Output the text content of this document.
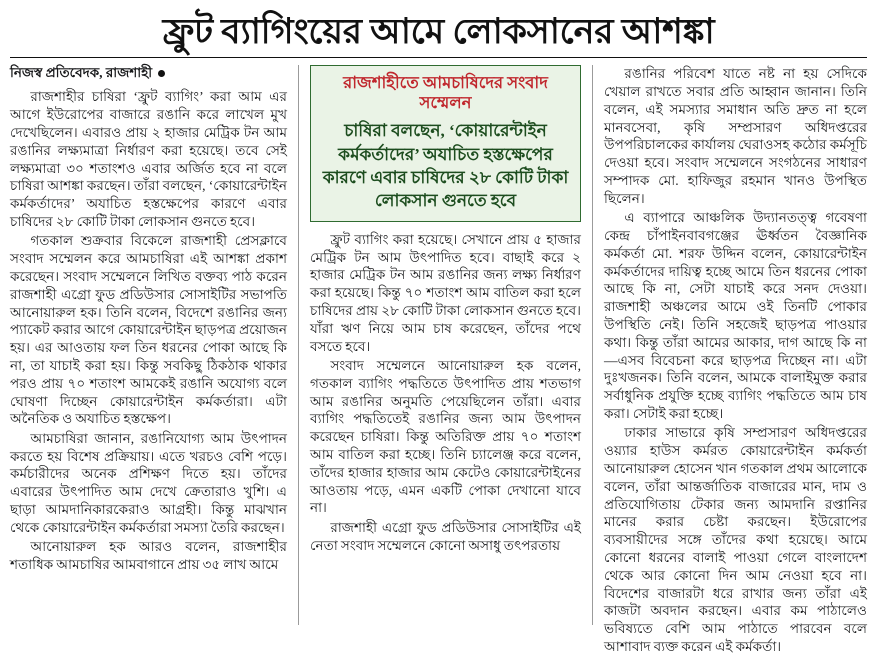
ফ্রুট ব্যাগিংয়ের আমে লোকসানের আশঙ্কা
নিজস্ব প্রতিবেদক, রাজশাহী

রাজশাহীর চাষিরা ‘ফ্রুট ব্যাগিং’ করা আম এর আগে ইউরোপের বাজারে রঙানি করে লাখেল মুখ দেখেছিলেন। এবারও প্রায় ২ হাজার মেট্রিক টন আম রঙানির লক্ষ্যমাত্রা নির্ধারণ করা হয়েছে। তবে সেই লক্ষ্যমাত্রা ৩০ শতাংশও এবার অর্জিত হবে না বলে চাষিরা আশঙ্কা করছেন। তাঁরা বলছেন, ‘কোয়ারেন্টাইন কর্মকর্তাদের’ অযাচিত হস্তক্ষেপের কারণে এবার চাষিদের ২৮ কোটি টাকা লোকসান গুনতে হবে।

গতকাল শুক্রবার বিকেলে রাজশাহী প্রেসক্লাবে সংবাদ সম্মেলন করে আমচাষিরা এই আশঙ্কা প্রকাশ করেছেন। সংবাদ সম্মেলনে লিখিত বক্তব্য পাঠ করেন রাজশাহী এগ্রো ফুড প্রডিউসার সোসাইটির সভাপতি আনোয়ারুল হক। তিনি বলেন, বিদেশে রঙানির জন্য প্যাকেট করার আগে কোয়ারেন্টাইন ছাড়পত্র প্রয়োজন হয়। এর আওতায় ফল তিন ধরনের পোকা আছে কি না, তা যাচাই করা হয়। কিন্তু সবকিছু ঠিকঠাক থাকার পরও প্রায় ৭০ শতাংশ আমকেই রঙানি অযোগ্য বলে ঘোষণা দিচ্ছেন কোয়ারেন্টাইন কর্মকর্তারা। এটা অনৈতিক ও অযাচিত হস্তক্ষেপ।

আমচাষিরা জানান, রঙানিযোগ্য আম উৎপাদন করতে হয় বিশেষ প্রক্রিয়ায়। এতে খরচও বেশি পড়ে। কর্মচারীদের অনেক প্রশিক্ষণ দিতে হয়। তাঁদের এবারের উৎপাদিত আম দেখে ক্রেতারাও খুশি। এ ছাড়া আমদানিকারকেরাও আগ্রহী। কিন্তু মাঝখান থেকে কোয়ারেন্টাইন কর্মকর্তারা সমস্যা তৈরি করছেন।

আনোয়ারুল হক আরও বলেন, রাজশাহীর শতাধিক আমচাষির আমবাগানে প্রায় ৩৫ লাখ আমে

রাজশাহীতে আমচাষিদের সংবাদ সম্মেলন
চাষিরা বলছেন, ‘কোয়ারেন্টাইন কর্মকর্তাদের’ অযাচিত হস্তক্ষেপের কারণে এবার চাষিদের ২৮ কোটি টাকা লোকসান গুনতে হবে

ফ্রুট ব্যাগিং করা হয়েছে। সেখানে প্রায় ৫ হাজার মেট্রিক টন আম উৎপাদিত হবে। বাছাই করে ২ হাজার মেট্রিক টন আম রঙানির জন্য লক্ষ্য নির্ধারণ করা হয়েছে। কিন্তু ৭০ শতাংশ আম বাতিল করা হলে চাষিদের প্রায় ২৮ কোটি টাকা লোকসান গুনতে হবে। যাঁরা ঋণ নিয়ে আম চাষ করেছেন, তাঁদের পথে বসতে হবে।

সংবাদ সম্মেলনে আনোয়ারুল হক বলেন, গতকাল ব্যাগিং পদ্ধতিতে উৎপাদিত প্রায় শতভাগ আম রঙানির অনুমতি পেয়েছিলেন তাঁরা। এবার ব্যাগিং পদ্ধতিতেই রঙানির জন্য আম উৎপাদন করেছেন চাষিরা। কিন্তু অতিরিক্ত প্রায় ৭০ শতাংশ আম বাতিল করা হচ্ছে। তিনি চ্যালেঞ্জ করে বলেন, তাঁদের হাজার হাজার আম কেটেও কোয়ারেন্টাইনের আওতায় পড়ে, এমন একটি পোকা দেখানো যাবে না।

রাজশাহী এগ্রো ফুড প্রডিউসার সোসাইটির এই নেতা সংবাদ সম্মেলনে কোনো অসাধু তৎপরতায়

রঙানির পরিবেশ যাতে নষ্ট না হয় সেদিকে খেয়াল রাখতে সবার প্রতি আহ্বান জানান। তিনি বলেন, এই সমস্যার সমাধান অতি দ্রুত না হলে মানবসেবা, কৃষি সম্প্রসারণ অধিদপ্তরের উপপরিচালকের কার্যালয় ঘেরাওসহ কঠোর কর্মসূচি দেওয়া হবে। সংবাদ সম্মেলনে সংগঠনের সাধারণ সম্পাদক মো. হাফিজুর রহমান খানও উপস্থিত ছিলেন।

এ ব্যাপারে আঞ্চলিক উদ্যানতত্ত্ব গবেষণা কেন্দ্র চাঁপাইনবাবগঞ্জের ঊর্ধ্বতন বৈজ্ঞানিক কর্মকর্তা মো. শরফ উদ্দিন বলেন, কোয়ারেন্টাইন কর্মকর্তাদের দায়িত্ব হচ্ছে আমে তিন ধরনের পোকা আছে কি না, সেটা যাচাই করে সনদ দেওয়া। রাজশাহী অঞ্চলের আমে ওই তিনটি পোকার উপস্থিতি নেই। তিনি সহজেই ছাড়পত্র পাওয়ার কথা। কিন্তু তাঁরা আমের আকার, দাগ আছে কি না—এসব বিবেচনা করে ছাড়পত্র দিচ্ছেন না। এটা দুঃখজনক। তিনি বলেন, আমকে বালাইমুক্ত করার সর্বাধুনিক প্রযুক্তি হচ্ছে ব্যাগিং পদ্ধতিতে আম চাষ করা। সেটাই করা হচ্ছে।

ঢাকার সাভারে কৃষি সম্প্রসারণ অধিদপ্তরের ওয়্যার হাউস কর্মরত কোয়ারেন্টাইন কর্মকর্তা আনোয়ারুল হোসেন খান গতকাল প্রথম আলোকে বলেন, তাঁরা আন্তর্জাতিক বাজারের মান, দাম ও প্রতিযোগিতায় টেকার জন্য আমদানি রপ্তানির মানের করার চেষ্টা করছেন। ইউরোপের ব্যবসায়ীদের সঙ্গে তাঁদের কথা হয়েছে। আমে কোনো ধরনের বালাই পাওয়া গেলে বাংলাদেশ থেকে আর কোনো দিন আম নেওয়া হবে না। বিদেশের বাজারটা ধরে রাখার জন্য তাঁরা এই কাজটা অবদান করছেন। এবার কম পাঠালেও ভবিষ্যতে বেশি আম পাঠাতে পারবেন বলে আশাবাদ ব্যক্ত করেন এই কর্মকর্তা।
